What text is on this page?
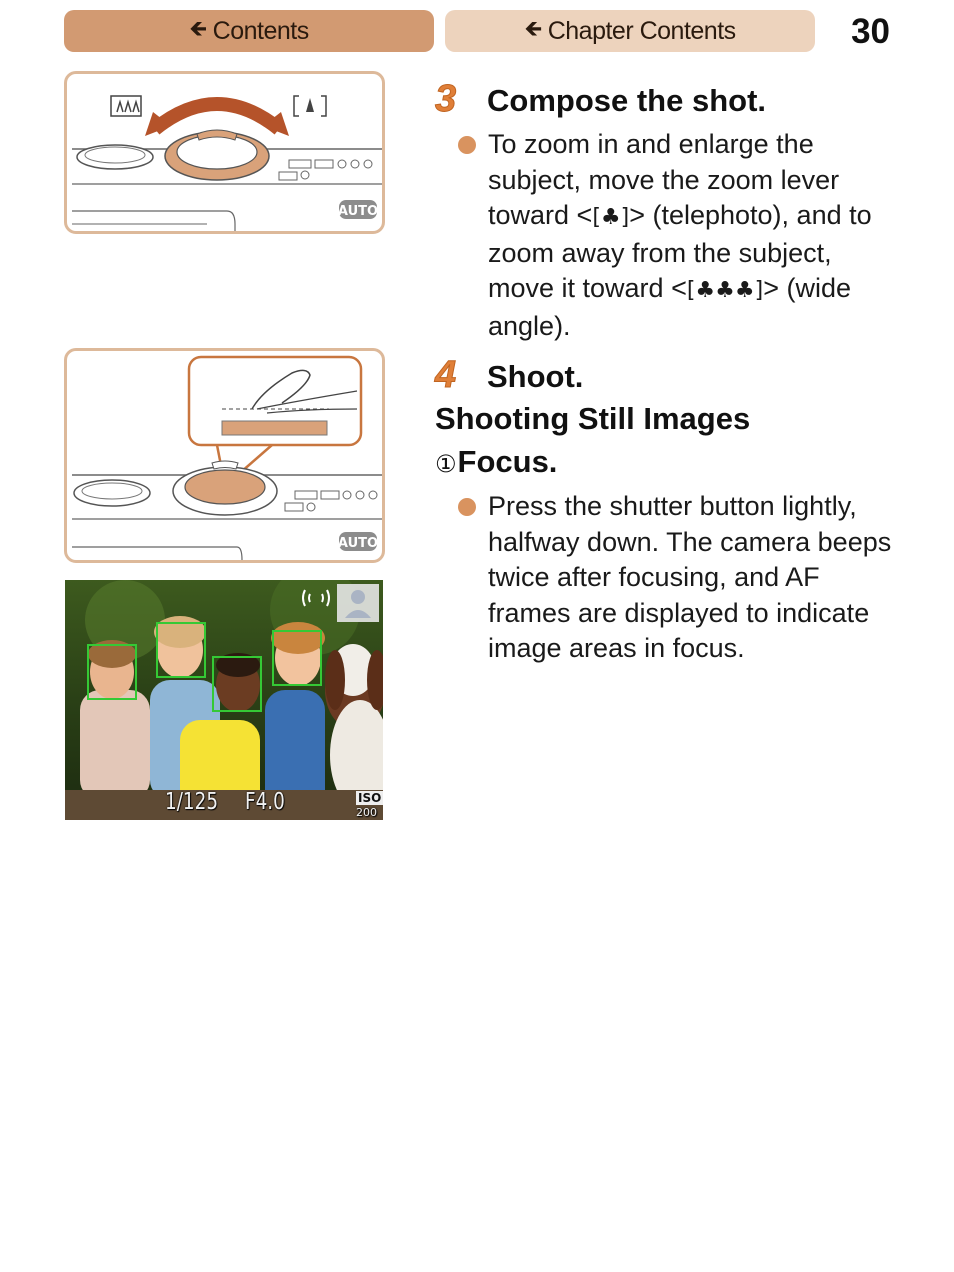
🡸 Contents	🡸 Chapter Contents	30
AUTO
AUTO
1/125 F4.0	ISO
200
3 Compose the shot.
To zoom in and enlarge the subject, move the zoom lever toward <[♣]> (telephoto), and to zoom away from the subject, move it toward <[♣♣♣]> (wide angle).
4 Shoot.
Shooting Still Images
①Focus.
Press the shutter button lightly, halfway down. The camera beeps twice after focusing, and AF frames are displayed to indicate image areas in focus.
